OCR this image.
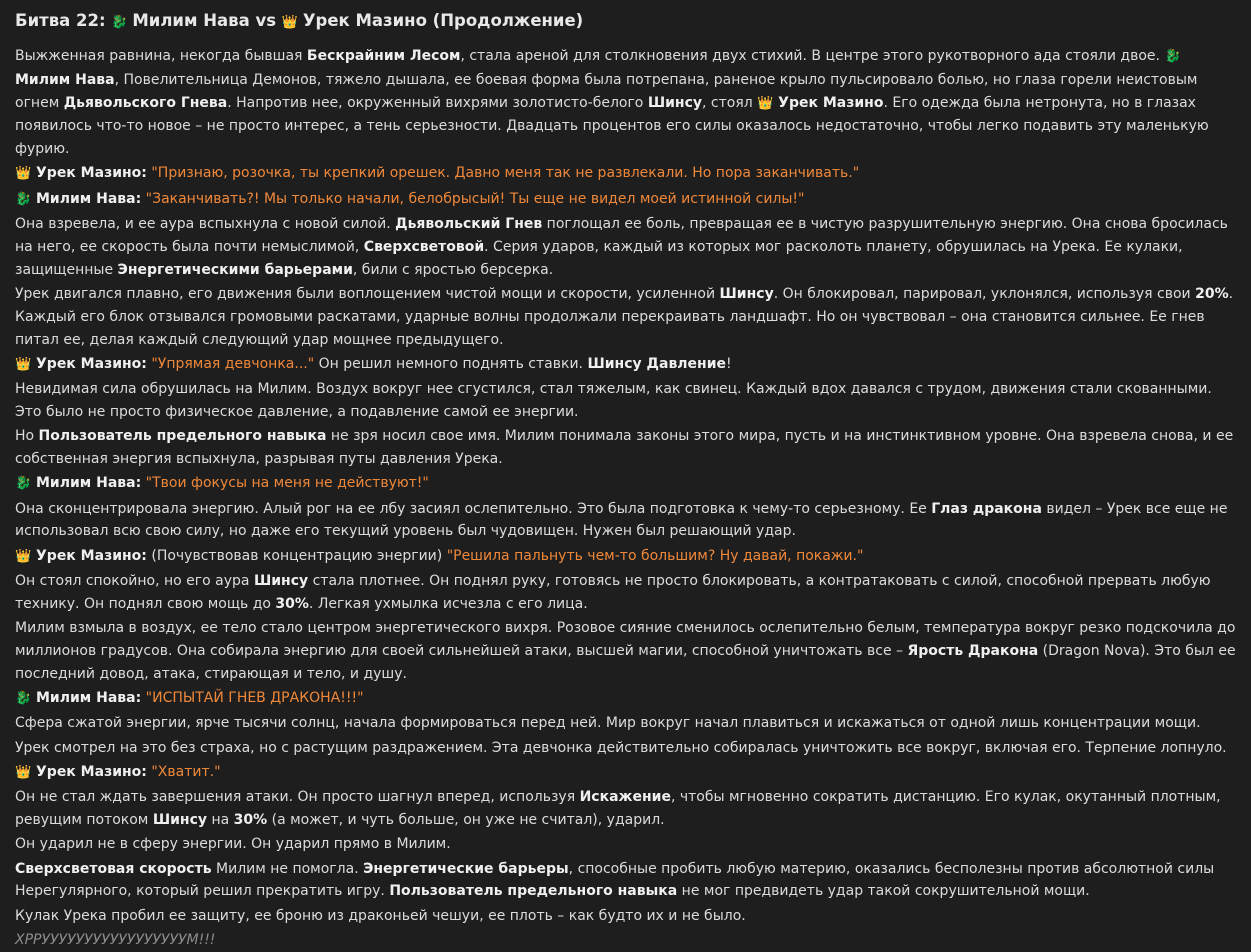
Битва 22: 🐉 Милим Нава vs 👑 Урек Мазино (Продолжение)

Выжженная равнина, некогда бывшая Бескрайним Лесом, стала ареной для столкновения двух стихий. В центре этого рукотворного ада стояли двое. 🐉Милим Нава, Повелительница Демонов, тяжело дышала, ее боевая форма была потрепана, раненое крыло пульсировало болью, но глаза горели неистовым огнем Дьявольского Гнева. Напротив нее, окруженный вихрями золотисто-белого Шинсу, стоял 👑 Урек Мазино. Его одежда была нетронута, но в глазах появилось что-то новое – не просто интерес, а тень серьезности. Двадцать процентов его силы оказалось недостаточно, чтобы легко подавить эту маленькую фурию.

👑 Урек Мазино: "Признаю, розочка, ты крепкий орешек. Давно меня так не развлекали. Но пора заканчивать."

🐉 Милим Нава: "Заканчивать?! Мы только начали, белобрысый! Ты еще не видел моей истинной силы!"

Она взревела, и ее аура вспыхнула с новой силой. Дьявольский Гнев поглощал ее боль, превращая ее в чистую разрушительную энергию. Она снова бросилась на него, ее скорость была почти немыслимой, Сверхсветовой. Серия ударов, каждый из которых мог расколоть планету, обрушилась на Урека. Ее кулаки, защищенные Энергетическими барьерами, били с яростью берсерка.

Урек двигался плавно, его движения были воплощением чистой мощи и скорости, усиленной Шинсу. Он блокировал, парировал, уклонялся, используя свои 20%. Каждый его блок отзывался громовыми раскатами, ударные волны продолжали перекраивать ландшафт. Но он чувствовал – она становится сильнее. Ее гнев питал ее, делая каждый следующий удар мощнее предыдущего.

👑 Урек Мазино: "Упрямая девчонка..." Он решил немного поднять ставки. Шинсу Давление!

Невидимая сила обрушилась на Милим. Воздух вокруг нее сгустился, стал тяжелым, как свинец. Каждый вдох давался с трудом, движения стали скованными. Это было не просто физическое давление, а подавление самой ее энергии.

Но Пользователь предельного навыка не зря носил свое имя. Милим понимала законы этого мира, пусть и на инстинктивном уровне. Она взревела снова, и ее собственная энергия вспыхнула, разрывая путы давления Урека.

🐉 Милим Нава: "Твои фокусы на меня не действуют!"

Она сконцентрировала энергию. Алый рог на ее лбу засиял ослепительно. Это была подготовка к чему-то серьезному. Ее Глаз дракона видел – Урек все еще не использовал всю свою силу, но даже его текущий уровень был чудовищен. Нужен был решающий удар.

👑 Урек Мазино: (Почувствовав концентрацию энергии) "Решила пальнуть чем-то большим? Ну давай, покажи."

Он стоял спокойно, но его аура Шинсу стала плотнее. Он поднял руку, готовясь не просто блокировать, а контратаковать с силой, способной прервать любую технику. Он поднял свою мощь до 30%. Легкая ухмылка исчезла с его лица.

Милим взмыла в воздух, ее тело стало центром энергетического вихря. Розовое сияние сменилось ослепительно белым, температура вокруг резко подскочила до миллионов градусов. Она собирала энергию для своей сильнейшей атаки, высшей магии, способной уничтожать все – Ярость Дракона (Dragon Nova). Это был ее последний довод, атака, стирающая и тело, и душу.

🐉 Милим Нава: "ИСПЫТАЙ ГНЕВ ДРАКОНА!!!"

Сфера сжатой энергии, ярче тысячи солнц, начала формироваться перед ней. Мир вокруг начал плавиться и искажаться от одной лишь концентрации мощи.

Урек смотрел на это без страха, но с растущим раздражением. Эта девчонка действительно собиралась уничтожить все вокруг, включая его. Терпение лопнуло.

👑 Урек Мазино: "Хватит."

Он не стал ждать завершения атаки. Он просто шагнул вперед, используя Искажение, чтобы мгновенно сократить дистанцию. Его кулак, окутанный плотным, ревущим потоком Шинсу на 30% (а может, и чуть больше, он уже не считал), ударил.

Он ударил не в сферу энергии. Он ударил прямо в Милим.

Сверхсветовая скорость Милим не помогла. Энергетические барьеры, способные пробить любую материю, оказались бесполезны против абсолютной силы Нерегулярного, который решил прекратить игру. Пользователь предельного навыка не мог предвидеть удар такой сокрушительной мощи.

Кулак Урека пробил ее защиту, ее броню из драконьей чешуи, ее плоть – как будто их и не было.

ХРРУУУУУУУУУУУУУУУУУМ!!!
